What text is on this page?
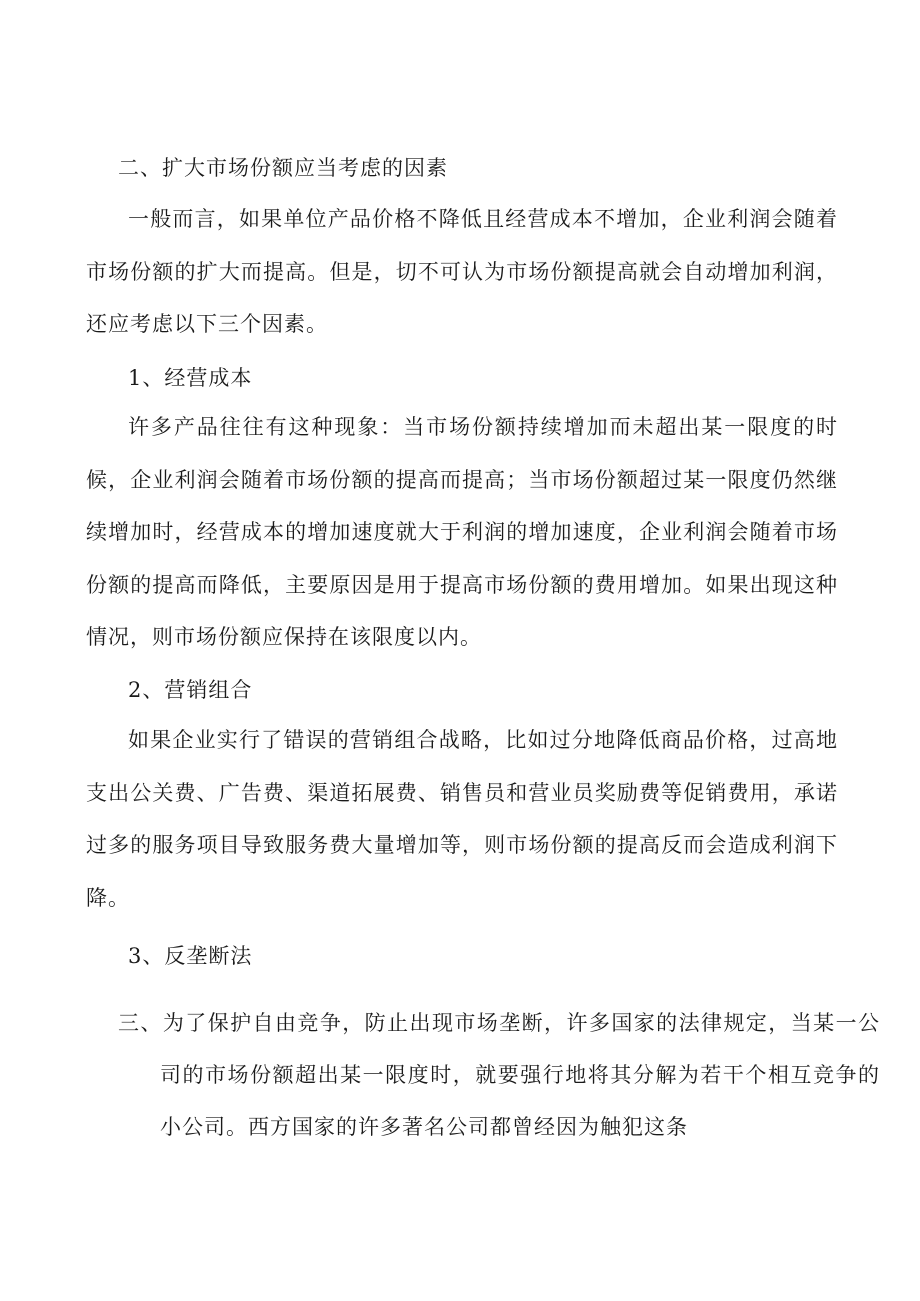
二、扩大市场份额应当考虑的因素

一般而言，如果单位产品价格不降低且经营成本不增加，企业利润会随着市场份额的扩大而提高。但是，切不可认为市场份额提高就会自动增加利润，还应考虑以下三个因素。

1、经营成本

许多产品往往有这种现象：当市场份额持续增加而未超出某一限度的时候，企业利润会随着市场份额的提高而提高；当市场份额超过某一限度仍然继续增加时，经营成本的增加速度就大于利润的增加速度，企业利润会随着市场份额的提高而降低，主要原因是用于提高市场份额的费用增加。如果出现这种情况，则市场份额应保持在该限度以内。

2、营销组合

如果企业实行了错误的营销组合战略，比如过分地降低商品价格，过高地支出公关费、广告费、渠道拓展费、销售员和营业员奖励费等促销费用，承诺过多的服务项目导致服务费大量增加等，则市场份额的提高反而会造成利润下降。

3、反垄断法

三、为了保护自由竞争，防止出现市场垄断，许多国家的法律规定，当某一公司的市场份额超出某一限度时，就要强行地将其分解为若干个相互竞争的小公司。西方国家的许多著名公司都曾经因为触犯这条
